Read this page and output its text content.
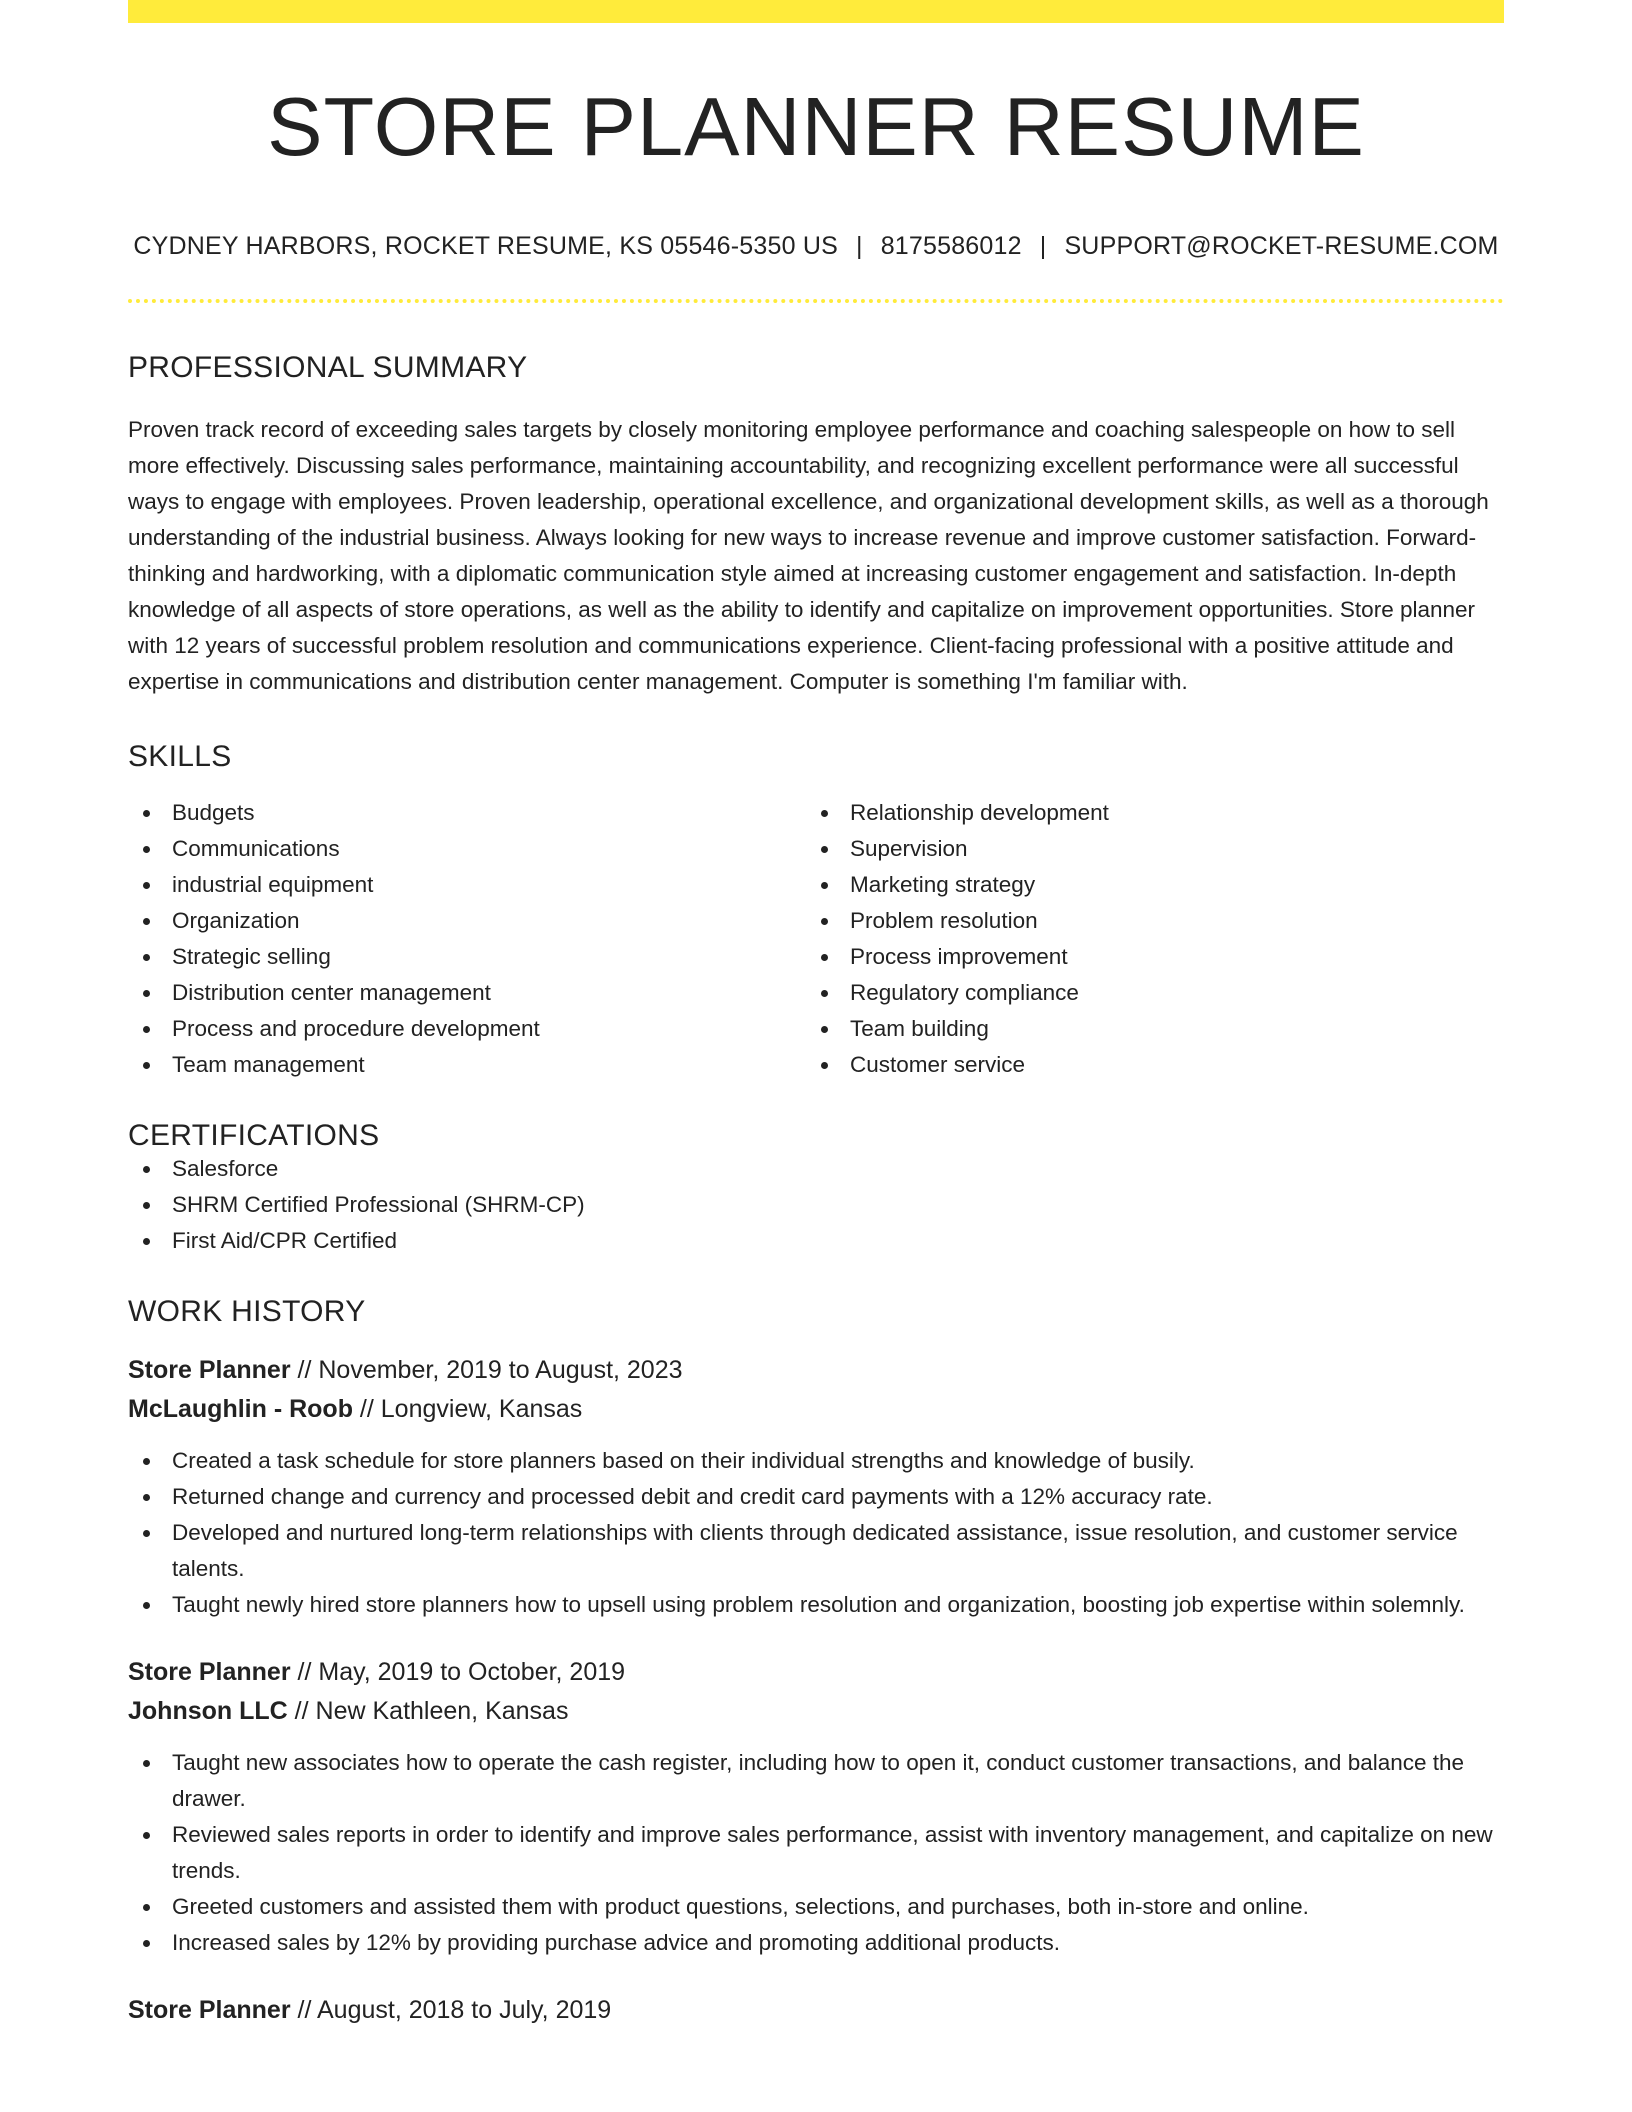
STORE PLANNER RESUME
CYDNEY HARBORS, ROCKET RESUME, KS 05546-5350 US | 8175586012 | SUPPORT@ROCKET-RESUME.COM
PROFESSIONAL SUMMARY
Proven track record of exceeding sales targets by closely monitoring employee performance and coaching salespeople on how to sell more effectively. Discussing sales performance, maintaining accountability, and recognizing excellent performance were all successful ways to engage with employees. Proven leadership, operational excellence, and organizational development skills, as well as a thorough understanding of the industrial business. Always looking for new ways to increase revenue and improve customer satisfaction. Forward-thinking and hardworking, with a diplomatic communication style aimed at increasing customer engagement and satisfaction. In-depth knowledge of all aspects of store operations, as well as the ability to identify and capitalize on improvement opportunities. Store planner with 12 years of successful problem resolution and communications experience. Client-facing professional with a positive attitude and expertise in communications and distribution center management. Computer is something I'm familiar with.
SKILLS
Budgets
Communications
industrial equipment
Organization
Strategic selling
Distribution center management
Process and procedure development
Team management
Relationship development
Supervision
Marketing strategy
Problem resolution
Process improvement
Regulatory compliance
Team building
Customer service
CERTIFICATIONS
Salesforce
SHRM Certified Professional (SHRM-CP)
First Aid/CPR Certified
WORK HISTORY
Store Planner // November, 2019 to August, 2023
McLaughlin - Roob // Longview, Kansas
Created a task schedule for store planners based on their individual strengths and knowledge of busily.
Returned change and currency and processed debit and credit card payments with a 12% accuracy rate.
Developed and nurtured long-term relationships with clients through dedicated assistance, issue resolution, and customer service talents.
Taught newly hired store planners how to upsell using problem resolution and organization, boosting job expertise within solemnly.
Store Planner // May, 2019 to October, 2019
Johnson LLC // New Kathleen, Kansas
Taught new associates how to operate the cash register, including how to open it, conduct customer transactions, and balance the drawer.
Reviewed sales reports in order to identify and improve sales performance, assist with inventory management, and capitalize on new trends.
Greeted customers and assisted them with product questions, selections, and purchases, both in-store and online.
Increased sales by 12% by providing purchase advice and promoting additional products.
Store Planner // August, 2018 to July, 2019
